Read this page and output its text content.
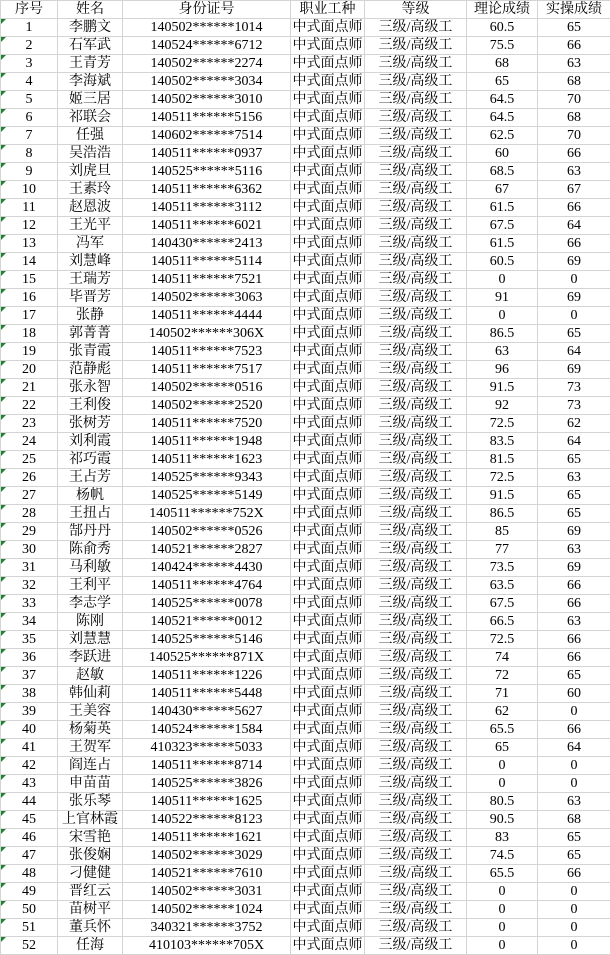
序号	姓名	身份证号	职业工种	等级	理论成绩	实操成绩

1	李鹏文	140502******1014	中式面点师	三级/高级工	60.5	65

2	石军武	140524******6712	中式面点师	三级/高级工	75.5	66

3	王青芳	140502******2274	中式面点师	三级/高级工	68	63

4	李海斌	140502******3034	中式面点师	三级/高级工	65	68

5	姬三居	140502******3010	中式面点师	三级/高级工	64.5	70

6	祁联会	140511******5156	中式面点师	三级/高级工	64.5	68

7	任强	140602******7514	中式面点师	三级/高级工	62.5	70

8	吴浩浩	140511******0937	中式面点师	三级/高级工	60	66

9	刘虎旦	140525******5116	中式面点师	三级/高级工	68.5	63

10	王素玲	140511******6362	中式面点师	三级/高级工	67	67

11	赵恩波	140511******3112	中式面点师	三级/高级工	61.5	66

12	王光平	140511******6021	中式面点师	三级/高级工	67.5	64

13	冯军	140430******2413	中式面点师	三级/高级工	61.5	66

14	刘慧峰	140511******5114	中式面点师	三级/高级工	60.5	69

15	王瑞芳	140511******7521	中式面点师	三级/高级工	0	0

16	毕晋芳	140502******3063	中式面点师	三级/高级工	91	69

17	张静	140511******4444	中式面点师	三级/高级工	0	0

18	郭菁菁	140502******306X	中式面点师	三级/高级工	86.5	65

19	张青霞	140511******7523	中式面点师	三级/高级工	63	64

20	范静彪	140511******7517	中式面点师	三级/高级工	96	69

21	张永智	140502******0516	中式面点师	三级/高级工	91.5	73

22	王利俊	140502******2520	中式面点师	三级/高级工	92	73

23	张树芳	140511******7520	中式面点师	三级/高级工	72.5	62

24	刘利霞	140511******1948	中式面点师	三级/高级工	83.5	64

25	祁巧霞	140511******1623	中式面点师	三级/高级工	81.5	65

26	王占芳	140525******9343	中式面点师	三级/高级工	72.5	63

27	杨帆	140525******5149	中式面点师	三级/高级工	91.5	65

28	王扭占	140511******752X	中式面点师	三级/高级工	86.5	65

29	郜丹丹	140502******0526	中式面点师	三级/高级工	85	69

30	陈俞秀	140521******2827	中式面点师	三级/高级工	77	63

31	马利敏	140424******4430	中式面点师	三级/高级工	73.5	69

32	王利平	140511******4764	中式面点师	三级/高级工	63.5	66

33	李志学	140525******0078	中式面点师	三级/高级工	67.5	66

34	陈刚	140521******0012	中式面点师	三级/高级工	66.5	63

35	刘慧慧	140525******5146	中式面点师	三级/高级工	72.5	66

36	李跃进	140525******871X	中式面点师	三级/高级工	74	66

37	赵敏	140511******1226	中式面点师	三级/高级工	72	65

38	韩仙莉	140511******5448	中式面点师	三级/高级工	71	60

39	王美容	140430******5627	中式面点师	三级/高级工	62	0

40	杨菊英	140524******1584	中式面点师	三级/高级工	65.5	66

41	王贺军	410323******5033	中式面点师	三级/高级工	65	64

42	阎连占	140511******8714	中式面点师	三级/高级工	0	0

43	申苗苗	140525******3826	中式面点师	三级/高级工	0	0

44	张乐琴	140511******1625	中式面点师	三级/高级工	80.5	63

45	上官林霞	140522******8123	中式面点师	三级/高级工	90.5	68

46	宋雪艳	140511******1621	中式面点师	三级/高级工	83	65

47	张俊娴	140502******3029	中式面点师	三级/高级工	74.5	65

48	刁健健	140521******7610	中式面点师	三级/高级工	65.5	66

49	晋红云	140502******3031	中式面点师	三级/高级工	0	0

50	苗树平	140502******1024	中式面点师	三级/高级工	0	0

51	董兵怀	340321******3752	中式面点师	三级/高级工	0	0

52	任海	410103******705X	中式面点师	三级/高级工	0	0
